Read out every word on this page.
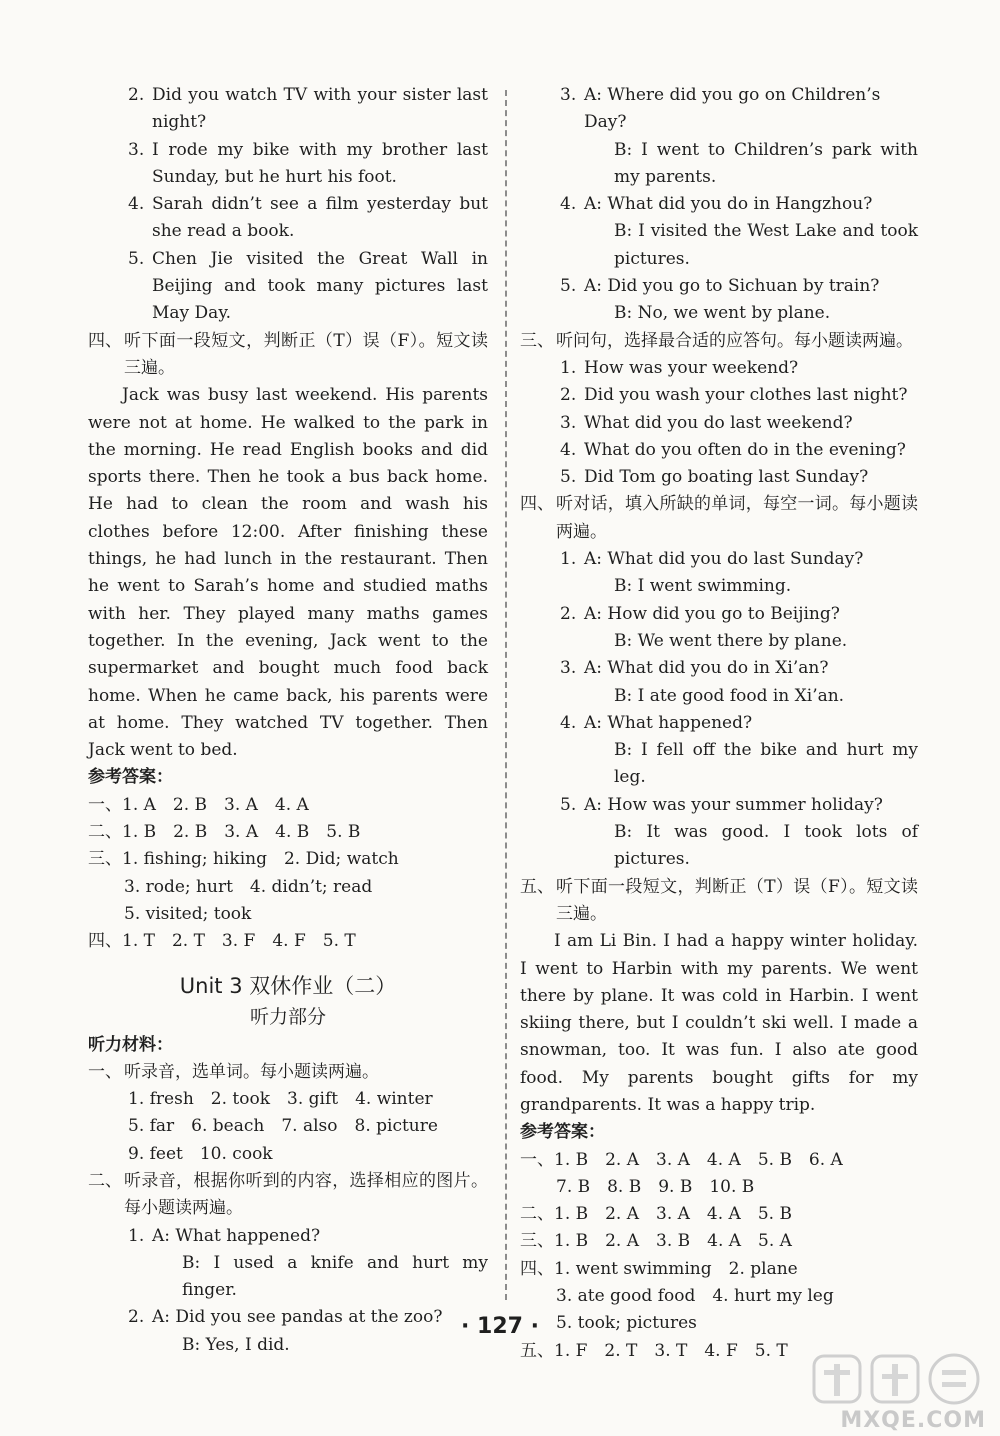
2. Did you watch TV with your sister last night?
3. I rode my bike with my brother last Sunday, but he hurt his foot.
4. Sarah didn’t see a film yesterday but she read a book.
5. Chen Jie visited the Great Wall in Beijing and took many pictures last May Day.
四、 听下面一段短文，判断正（T）误（F）。短文读三遍。
Jack was busy last weekend. His parents were not at home. He walked to the park in the morning. He read English books and did sports there. Then he took a bus back home. He had to clean the room and wash his clothes before 12:00. After finishing these things, he had lunch in the restaurant. Then he went to Sarah’s home and studied maths with her. They played many maths games together. In the evening, Jack went to the supermarket and bought much food back home. When he came back, his parents were at home. They watched TV together. Then Jack went to bed.
参考答案：
一、1. A　2. B　3. A　4. A
二、1. B　2. B　3. A　4. B　5. B
三、1. fishing; hiking　2. Did; watch
3. rode; hurt　4. didn’t; read
5. visited; took
四、1. T　2. T　3. F　4. F　5. T
Unit 3 双休作业（二）
听力部分
听力材料：
一、 听录音，选单词。每小题读两遍。
1. fresh　2. took　3. gift　4. winter
5. far　6. beach　7. also　8. picture
9. feet　10. cook
二、 听录音，根据你听到的内容，选择相应的图片。每小题读两遍。
1. A: What happened?
B: I used a knife and hurt my finger.
2. A: Did you see pandas at the zoo?
B: Yes, I did.
3. A: Where did you go on Children’s Day?
B: I went to Children’s park with my parents.
4. A: What did you do in Hangzhou?
B: I visited the West Lake and took pictures.
5. A: Did you go to Sichuan by train?
B: No, we went by plane.
三、 听问句，选择最合适的应答句。每小题读两遍。
1. How was your weekend?
2. Did you wash your clothes last night?
3. What did you do last weekend?
4. What do you often do in the evening?
5. Did Tom go boating last Sunday?
四、 听对话，填入所缺的单词，每空一词。每小题读两遍。
1. A: What did you do last Sunday?
B: I went swimming.
2. A: How did you go to Beijing?
B: We went there by plane.
3. A: What did you do in Xi’an?
B: I ate good food in Xi’an.
4. A: What happened?
B: I fell off the bike and hurt my leg.
5. A: How was your summer holiday?
B: It was good. I took lots of pictures.
五、 听下面一段短文，判断正（T）误（F）。短文读三遍。
I am Li Bin. I had a happy winter holiday. I went to Harbin with my parents. We went there by plane. It was cold in Harbin. I went skiing there, but I couldn’t ski well. I made a snowman, too. It was fun. I also ate good food. My parents bought gifts for my grandparents. It was a happy trip.
参考答案：
一、1. B　2. A　3. A　4. A　5. B　6. A
7. B　8. B　9. B　10. B
二、1. B　2. A　3. A　4. A　5. B
三、1. B　2. A　3. B　4. A　5. A
四、1. went swimming　2. plane
3. ate good food　4. hurt my leg
5. took; pictures
五、1. F　2. T　3. T　4. F　5. T
· 127 ·
MXQE.COM
